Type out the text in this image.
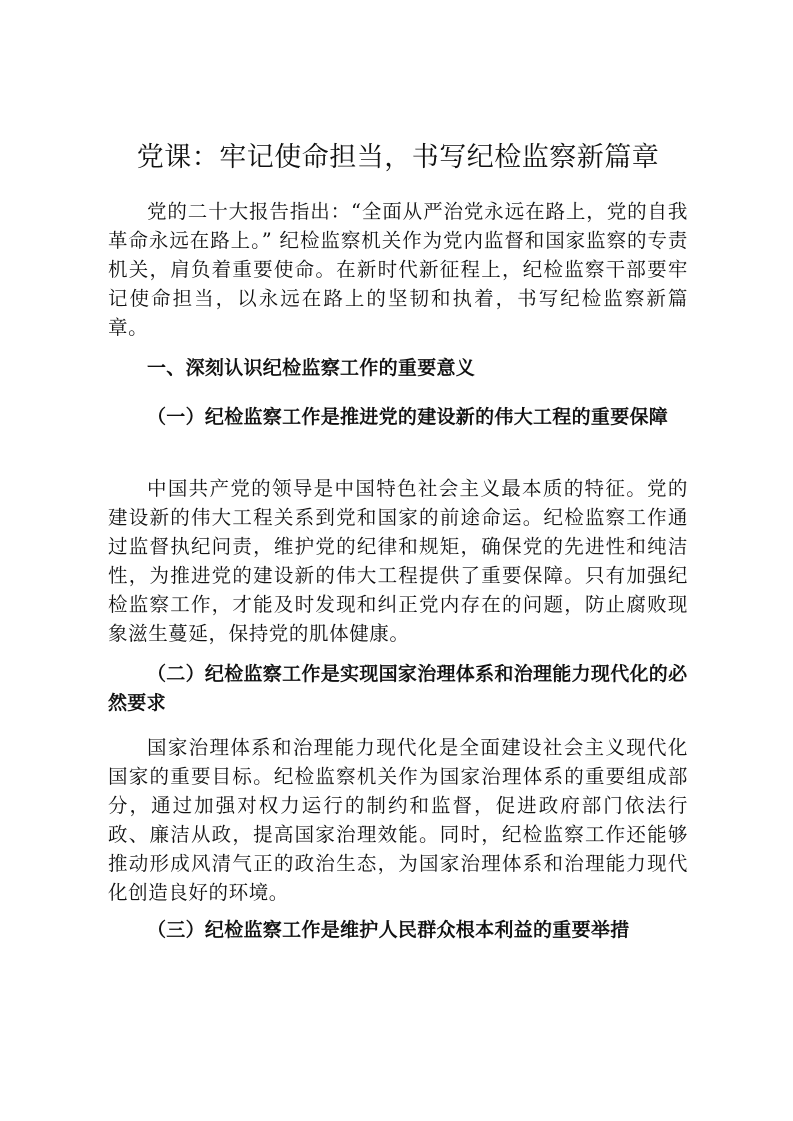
党课：牢记使命担当，书写纪检监察新篇章

党的二十大报告指出：“全面从严治党永远在路上，党的自我革命永远在路上。” 纪检监察机关作为党内监督和国家监察的专责机关，肩负着重要使命。在新时代新征程上，纪检监察干部要牢记使命担当，以永远在路上的坚韧和执着，书写纪检监察新篇章。

一、深刻认识纪检监察工作的重要意义

（一）纪检监察工作是推进党的建设新的伟大工程的重要保障

中国共产党的领导是中国特色社会主义最本质的特征。党的建设新的伟大工程关系到党和国家的前途命运。纪检监察工作通过监督执纪问责，维护党的纪律和规矩，确保党的先进性和纯洁性，为推进党的建设新的伟大工程提供了重要保障。只有加强纪检监察工作，才能及时发现和纠正党内存在的问题，防止腐败现象滋生蔓延，保持党的肌体健康。

（二）纪检监察工作是实现国家治理体系和治理能力现代化的必然要求

国家治理体系和治理能力现代化是全面建设社会主义现代化国家的重要目标。纪检监察机关作为国家治理体系的重要组成部分，通过加强对权力运行的制约和监督，促进政府部门依法行政、廉洁从政，提高国家治理效能。同时，纪检监察工作还能够推动形成风清气正的政治生态，为国家治理体系和治理能力现代化创造良好的环境。

（三）纪检监察工作是维护人民群众根本利益的重要举措
